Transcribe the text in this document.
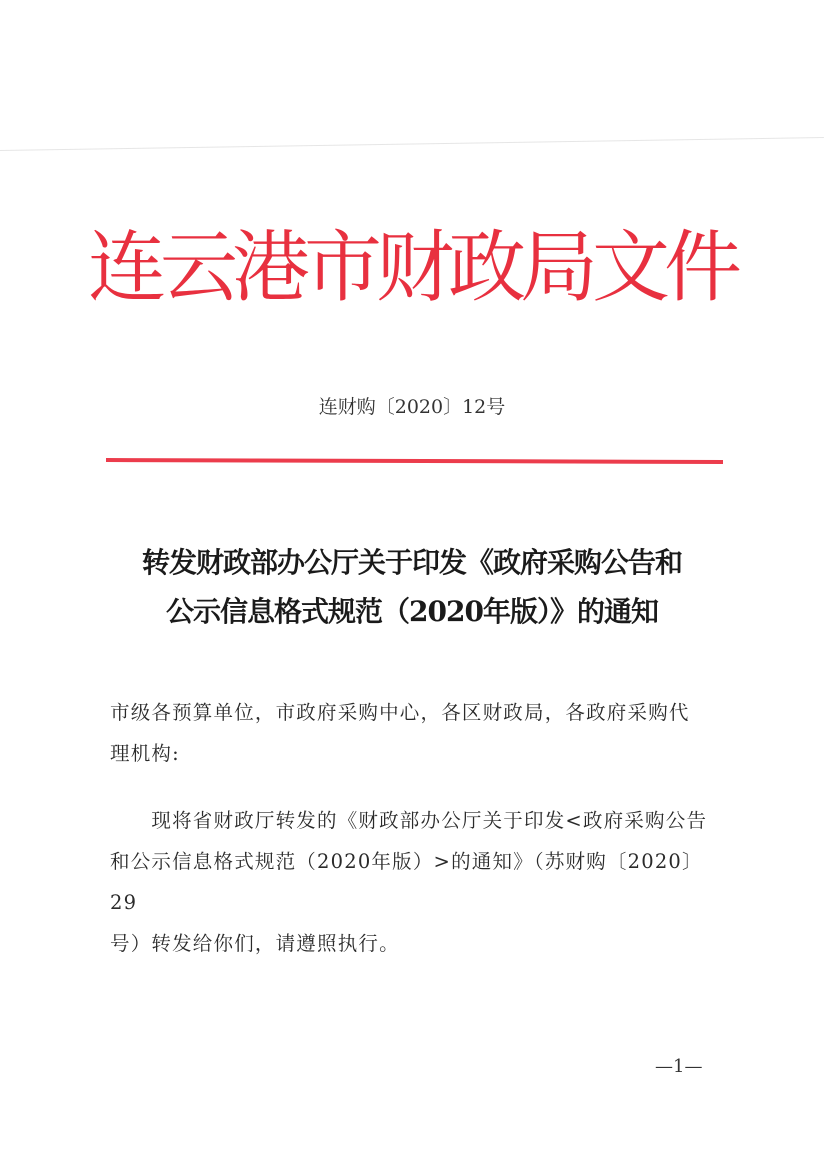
连云港市财政局文件
连财购〔2020〕12号
转发财政部办公厅关于印发《政府采购公告和
公示信息格式规范（2020年版）》的通知
市级各预算单位，市政府采购中心，各区财政局，各政府采购代
理机构:
　　现将省财政厅转发的《财政部办公厅关于印发<政府采购公告
和公示信息格式规范（2020年版）>的通知》（苏财购〔2020〕29
号）转发给你们，请遵照执行。
—1—
